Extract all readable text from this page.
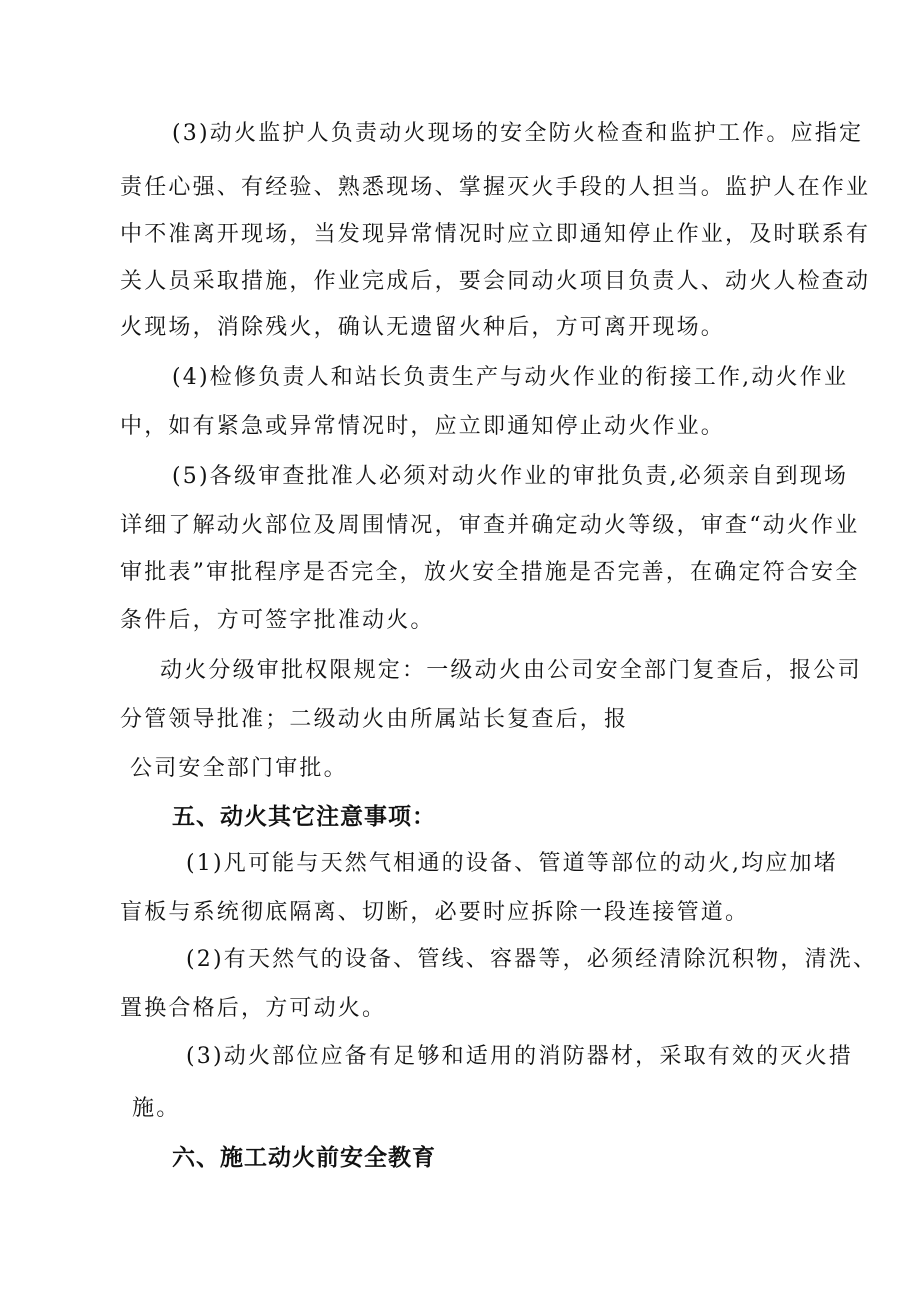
(3)动火监护人负责动火现场的安全防火检查和监护工作。应指定
责任心强、有经验、熟悉现场、掌握灭火手段的人担当。监护人在作业
中不准离开现场，当发现异常情况时应立即通知停止作业，及时联系有
关人员采取措施，作业完成后，要会同动火项目负责人、动火人检查动
火现场，消除残火，确认无遗留火种后，方可离开现场。
(4)检修负责人和站长负责生产与动火作业的衔接工作,动火作业
中，如有紧急或异常情况时，应立即通知停止动火作业。
(5)各级审查批准人必须对动火作业的审批负责,必须亲自到现场
详细了解动火部位及周围情况，审查并确定动火等级，审查“动火作业
审批表”审批程序是否完全，放火安全措施是否完善，在确定符合安全
条件后，方可签字批准动火。
动火分级审批权限规定：一级动火由公司安全部门复查后，报公司
分管领导批准；二级动火由所属站长复查后，报
公司安全部门审批。
五、动火其它注意事项：
(1)凡可能与天然气相通的设备、管道等部位的动火,均应加堵
盲板与系统彻底隔离、切断，必要时应拆除一段连接管道。
(2)有天然气的设备、管线、容器等，必须经清除沉积物，清洗、
置换合格后，方可动火。
(3)动火部位应备有足够和适用的消防器材，采取有效的灭火措
施。
六、施工动火前安全教育
